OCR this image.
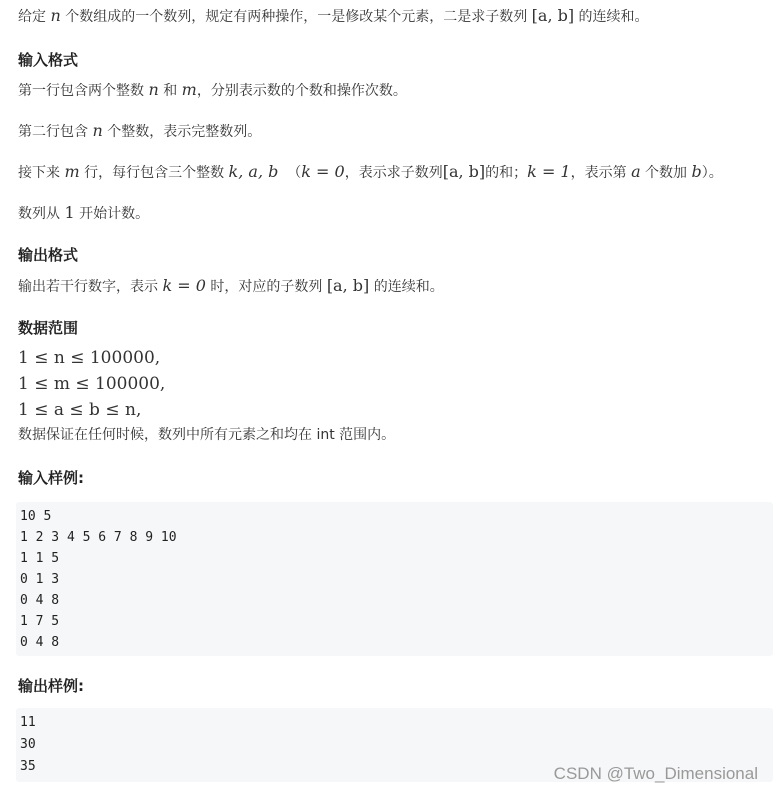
给定 n 个数组成的一个数列，规定有两种操作，一是修改某个元素，二是求子数列 [a, b] 的连续和。
输入格式
第一行包含两个整数 n 和 m，分别表示数的个数和操作次数。
第二行包含 n 个整数，表示完整数列。
接下来 m 行，每行包含三个整数 k, a, b （k = 0，表示求子数列[a, b]的和；k = 1，表示第 a 个数加 b）。
数列从 1 开始计数。
输出格式
输出若干行数字，表示 k = 0 时，对应的子数列 [a, b] 的连续和。
数据范围
1 ≤ n ≤ 100000,
1 ≤ m ≤ 100000,
1 ≤ a ≤ b ≤ n,
数据保证在任何时候，数列中所有元素之和均在 int 范围内。
输入样例:
10 5
1 2 3 4 5 6 7 8 9 10
1 1 5
0 1 3
0 4 8
1 7 5
0 4 8
输出样例:
11
30
35	CSDN @Two_Dimensional
